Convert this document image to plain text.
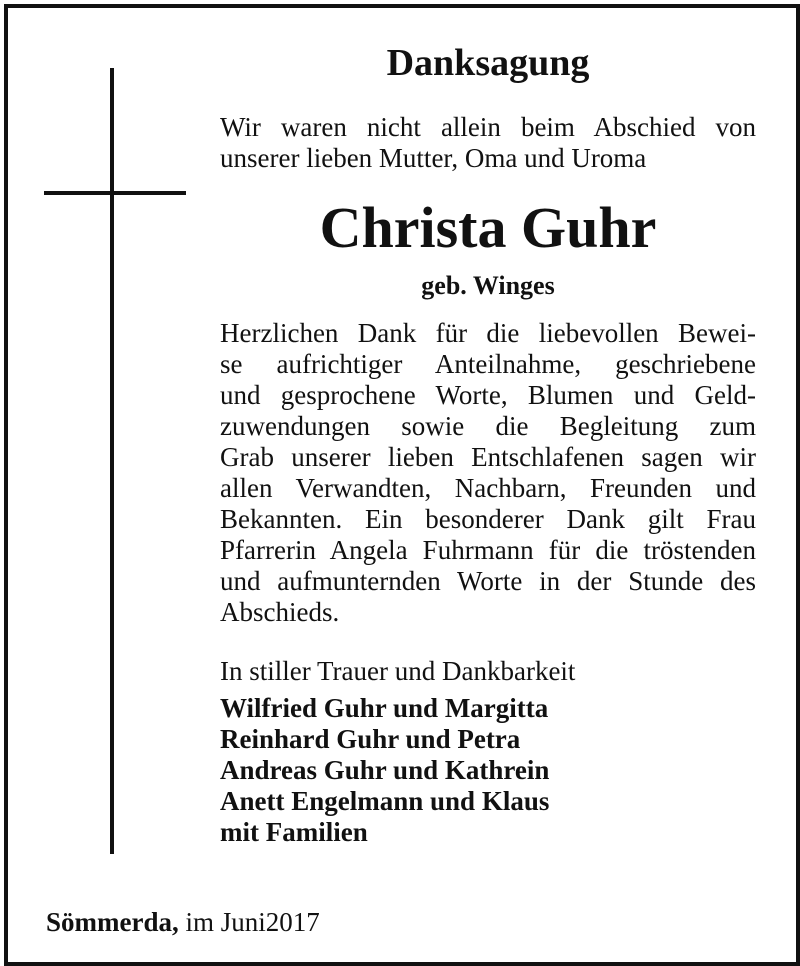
Danksagung
Wir waren nicht allein beim Abschied von
unserer lieben Mutter, Oma und Uroma
Christa Guhr
geb. Winges
Herzlichen Dank für die liebevollen Bewei-
se aufrichtiger Anteilnahme, geschriebene
und gesprochene Worte, Blumen und Geld-
zuwendungen sowie die Begleitung zum
Grab unserer lieben Entschlafenen sagen wir
allen Verwandten, Nachbarn, Freunden und
Bekannten. Ein besonderer Dank gilt Frau
Pfarrerin Angela Fuhrmann für die tröstenden
und aufmunternden Worte in der Stunde des
Abschieds.
In stiller Trauer und Dankbarkeit
Wilfried Guhr und Margitta
Reinhard Guhr und Petra
Andreas Guhr und Kathrein
Anett Engelmann und Klaus
mit Familien
Sömmerda, im Juni2017
